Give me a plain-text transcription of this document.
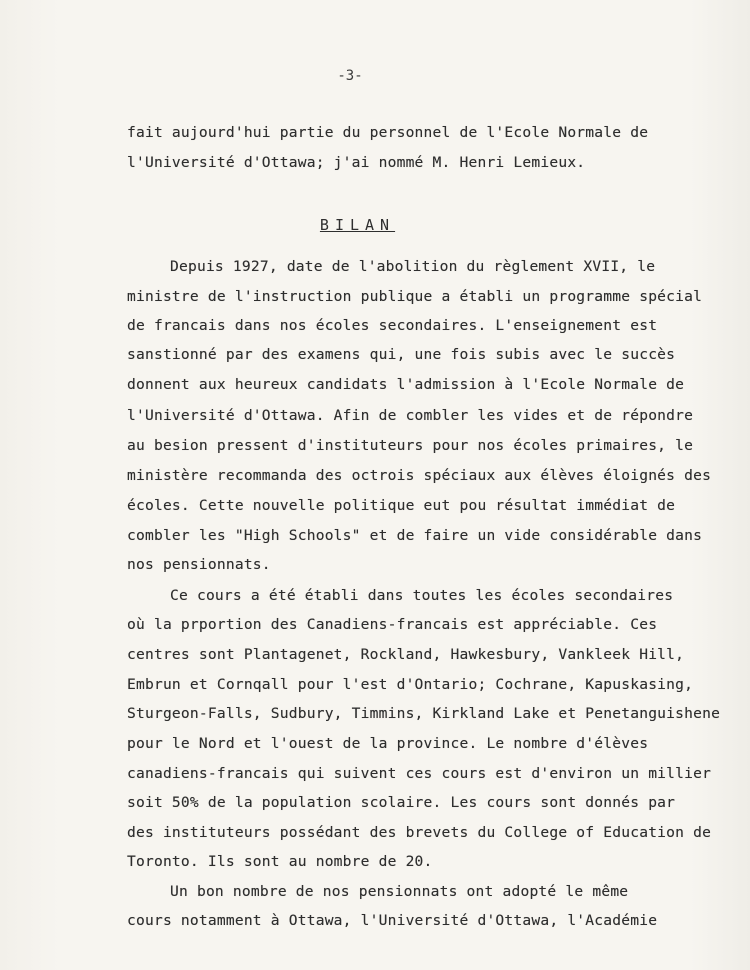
-3-
fait aujourd'hui partie du personnel de l'Ecole Normale de
l'Université d'Ottawa; j'ai nommé M. Henri Lemieux.
BILAN
Depuis 1927, date de l'abolition du règlement XVII, le
ministre de l'instruction publique a établi un programme spécial
de francais dans nos écoles secondaires. L'enseignement est
sanstionné par des examens qui, une fois subis avec le succès
donnent aux heureux candidats l'admission à l'Ecole Normale de
l'Université d'Ottawa. Afin de combler les vides et de répondre
au besion pressent d'instituteurs pour nos écoles primaires, le
ministère recommanda des octrois spéciaux aux élèves éloignés des
écoles. Cette nouvelle politique eut pou résultat immédiat de
combler les "High Schools" et de faire un vide considérable dans
nos pensionnats.
Ce cours a été établi dans toutes les écoles secondaires
où la prportion des Canadiens-francais est appréciable. Ces
centres sont Plantagenet, Rockland, Hawkesbury, Vankleek Hill,
Embrun et Cornqall pour l'est d'Ontario; Cochrane, Kapuskasing,
Sturgeon-Falls, Sudbury, Timmins, Kirkland Lake et Penetanguishene
pour le Nord et l'ouest de la province. Le nombre d'élèves
canadiens-francais qui suivent ces cours est d'environ un millier
soit 50% de la population scolaire. Les cours sont donnés par
des instituteurs possédant des brevets du College of Education de
Toronto. Ils sont au nombre de 20.
Un bon nombre de nos pensionnats ont adopté le même
cours notamment à Ottawa, l'Université d'Ottawa, l'Académie
